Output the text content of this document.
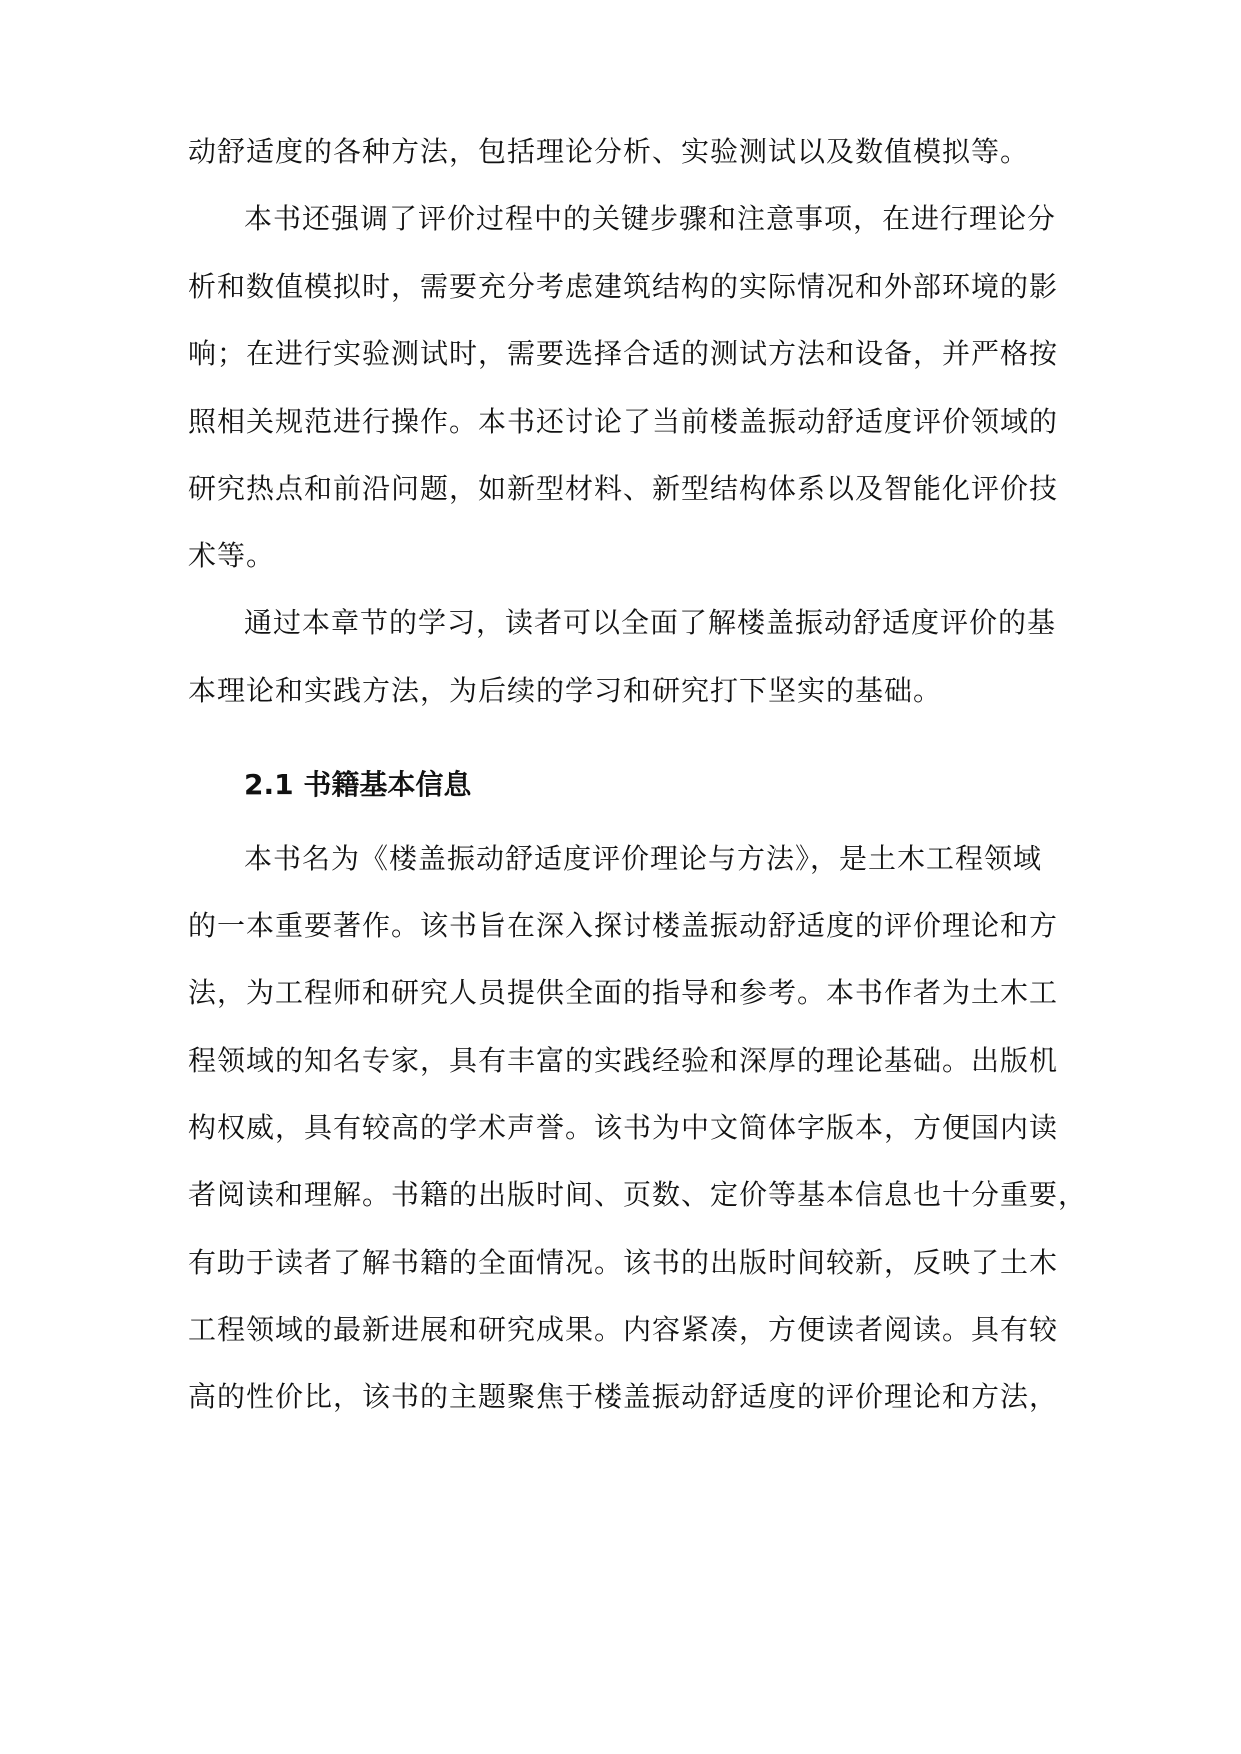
动舒适度的各种方法，包括理论分析、实验测试以及数值模拟等。
本书还强调了评价过程中的关键步骤和注意事项，在进行理论分
析和数值模拟时，需要充分考虑建筑结构的实际情况和外部环境的影
响；在进行实验测试时，需要选择合适的测试方法和设备，并严格按
照相关规范进行操作。本书还讨论了当前楼盖振动舒适度评价领域的
研究热点和前沿问题，如新型材料、新型结构体系以及智能化评价技
术等。
通过本章节的学习，读者可以全面了解楼盖振动舒适度评价的基
本理论和实践方法，为后续的学习和研究打下坚实的基础。
2.1 书籍基本信息
本书名为《楼盖振动舒适度评价理论与方法》，是土木工程领域
的一本重要著作。该书旨在深入探讨楼盖振动舒适度的评价理论和方
法，为工程师和研究人员提供全面的指导和参考。本书作者为土木工
程领域的知名专家，具有丰富的实践经验和深厚的理论基础。出版机
构权威，具有较高的学术声誉。该书为中文简体字版本，方便国内读
者阅读和理解。书籍的出版时间、页数、定价等基本信息也十分重要，
有助于读者了解书籍的全面情况。该书的出版时间较新，反映了土木
工程领域的最新进展和研究成果。内容紧凑，方便读者阅读。具有较
高的性价比，该书的主题聚焦于楼盖振动舒适度的评价理论和方法，
